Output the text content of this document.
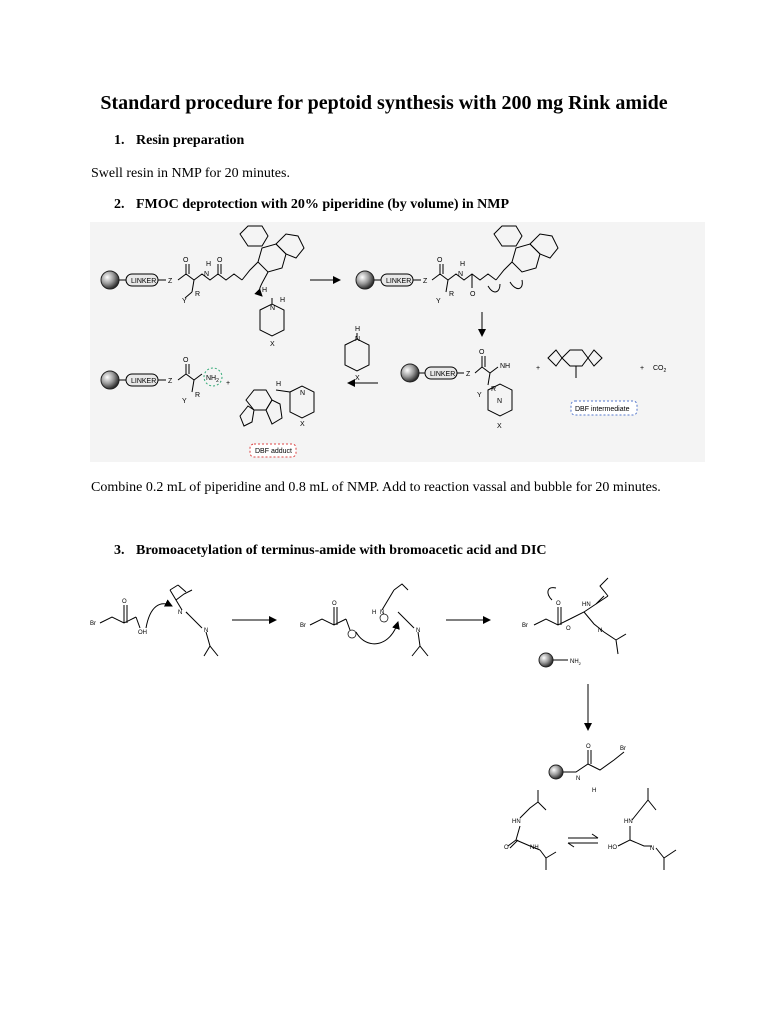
Standard procedure for peptoid synthesis with 200 mg Rink amide
1. Resin preparation
Swell resin in NMP for 20 minutes.
2. FMOC deprotection with 20% piperidine (by volume) in NMP
Combine 0.2 mL of piperidine and 0.8 mL of NMP. Add to reaction vassal and bubble for 20 minutes.
3. Bromoacetylation of terminus-amide with bromoacetic acid and DIC
LINKER Z
O
H
N
O
Y
R
H
H
N
X
LINKER Z
O
H
N
O
Y
R
LINKER Z
O
NH
Y
R
N
X
+	+ $CO_2$
DBF intermediate
H
N
X
LINKER Z
O
$NH_2$ +
Y
R
H
N
X
DBF adduct
Br
O
OH
N
N
Br
O
H N
N
Br
O
O
HN
N
$NH_2$
O	Br
N
H
HN
O	NH
HN
HO	N
